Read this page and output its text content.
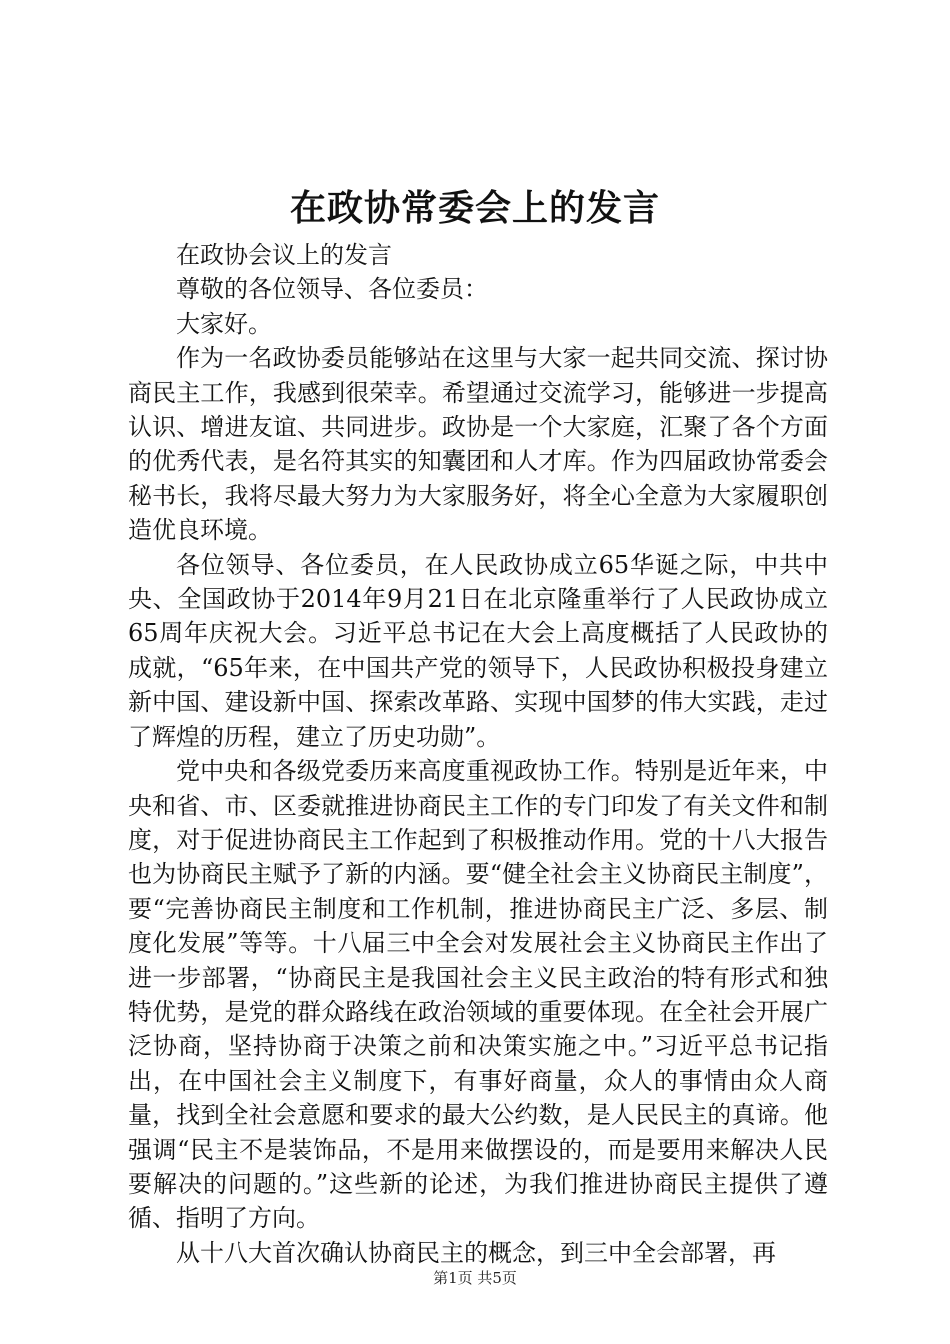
在政协常委会上的发言

在政协会议上的发言

尊敬的各位领导、各位委员：

大家好。

作为一名政协委员能够站在这里与大家一起共同交流、探讨协商民主工作，我感到很荣幸。希望通过交流学习，能够进一步提高认识、增进友谊、共同进步。政协是一个大家庭，汇聚了各个方面的优秀代表，是名符其实的知囊团和人才库。作为四届政协常委会秘书长，我将尽最大努力为大家服务好，将全心全意为大家履职创造优良环境。

各位领导、各位委员，在人民政协成立65华诞之际，中共中央、全国政协于2014年9月21日在北京隆重举行了人民政协成立65周年庆祝大会。习近平总书记在大会上高度概括了人民政协的成就，“65年来，在中国共产党的领导下，人民政协积极投身建立新中国、建设新中国、探索改革路、实现中国梦的伟大实践，走过了辉煌的历程，建立了历史功勋”。

党中央和各级党委历来高度重视政协工作。特别是近年来，中央和省、市、区委就推进协商民主工作的专门印发了有关文件和制度，对于促进协商民主工作起到了积极推动作用。党的十八大报告也为协商民主赋予了新的内涵。要“健全社会主义协商民主制度”，要“完善协商民主制度和工作机制，推进协商民主广泛、多层、制度化发展”等等。十八届三中全会对发展社会主义协商民主作出了进一步部署，“协商民主是我国社会主义民主政治的特有形式和独特优势，是党的群众路线在政治领域的重要体现。在全社会开展广泛协商，坚持协商于决策之前和决策实施之中。”习近平总书记指出，在中国社会主义制度下，有事好商量，众人的事情由众人商量，找到全社会意愿和要求的最大公约数，是人民民主的真谛。他强调“民主不是装饰品，不是用来做摆设的，而是要用来解决人民要解决的问题的。”这些新的论述，为我们推进协商民主提供了遵循、指明了方向。

从十八大首次确认协商民主的概念，到三中全会部署，再

第1页 共5页
